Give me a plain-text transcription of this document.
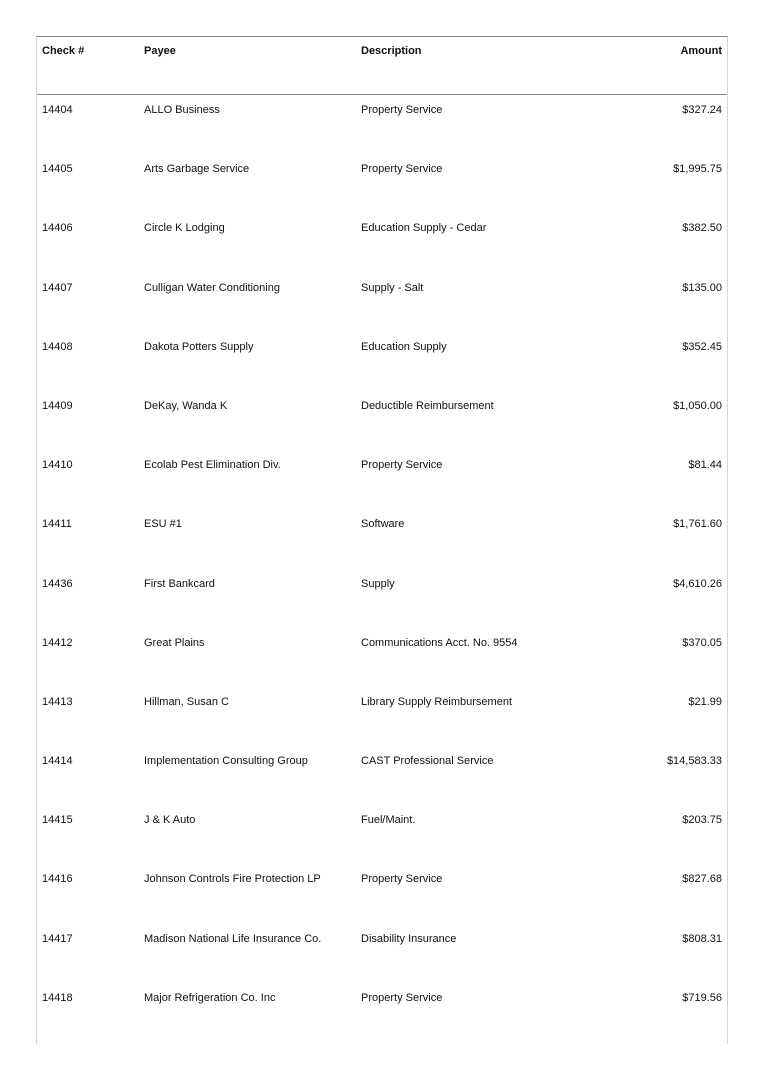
Check #	Payee	Description	Amount
14404	ALLO Business	Property Service	$327.24
14405	Arts Garbage Service	Property Service	$1,995.75
14406	Circle K Lodging	Education Supply - Cedar	$382.50
14407	Culligan Water Conditioning	Supply - Salt	$135.00
14408	Dakota Potters Supply	Education Supply	$352.45
14409	DeKay, Wanda K	Deductible Reimbursement	$1,050.00
14410	Ecolab Pest Elimination Div.	Property Service	$81.44
14411	ESU #1	Software	$1,761.60
14436	First Bankcard	Supply	$4,610.26
14412	Great Plains	Communications Acct. No. 9554	$370.05
14413	Hillman, Susan C	Library Supply Reimbursement	$21.99
14414	Implementation Consulting Group	CAST Professional Service	$14,583.33
14415	J & K Auto	Fuel/Maint.	$203.75
14416	Johnson Controls Fire Protection LP	Property Service	$827.68
14417	Madison National Life Insurance Co.	Disability Insurance	$808.31
14418	Major Refrigeration Co. Inc	Property Service	$719.56
